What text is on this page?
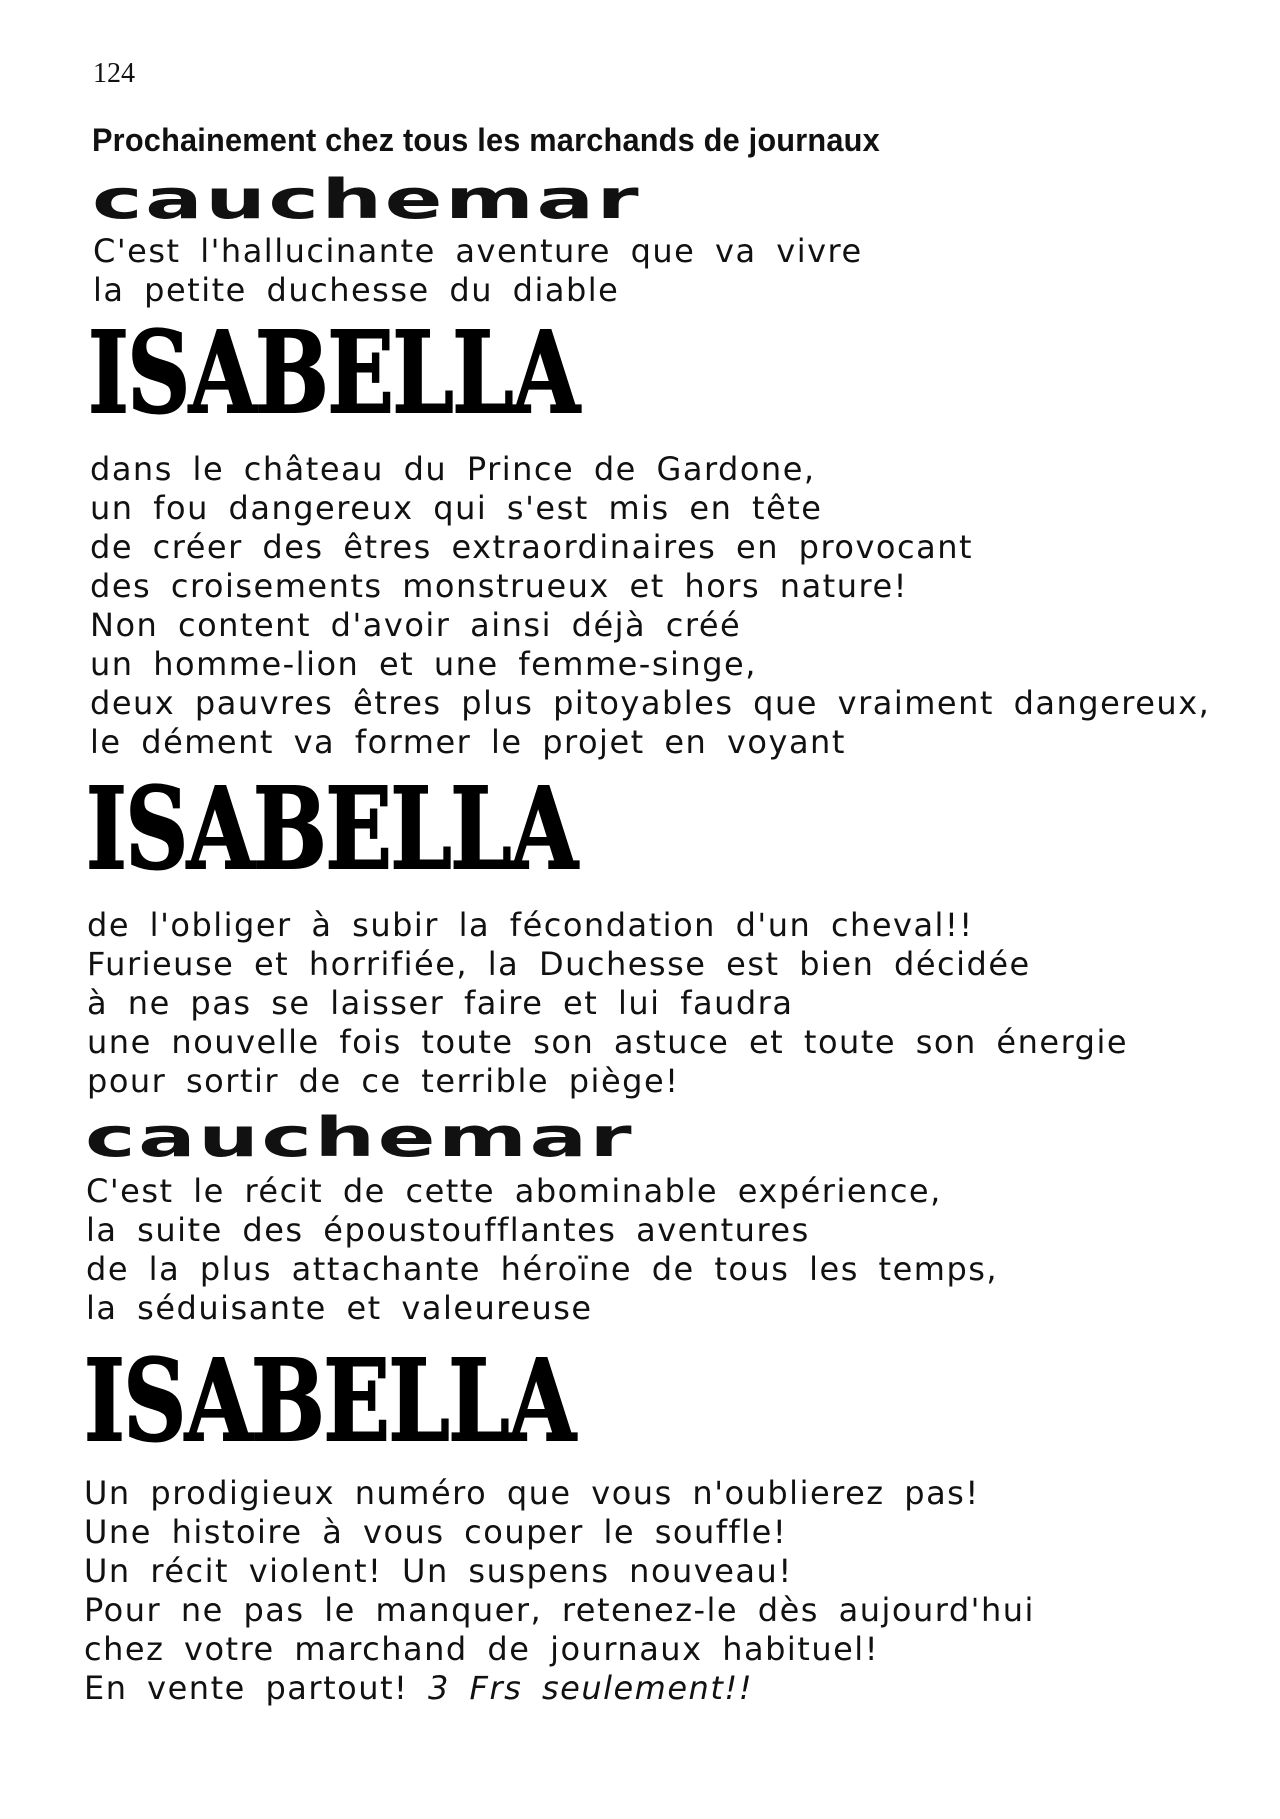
124
Prochainement chez tous les marchands de journaux
cauchemar
C'est l'hallucinante aventure que va vivre
la petite duchesse du diable
ISABELLA
dans le château du Prince de Gardone,
un fou dangereux qui s'est mis en tête
de créer des êtres extraordinaires en provocant
des croisements monstrueux et hors nature!
Non content d'avoir ainsi déjà créé
un homme-lion et une femme-singe,
deux pauvres êtres plus pitoyables que vraiment dangereux,
le dément va former le projet en voyant
ISABELLA
de l'obliger à subir la fécondation d'un cheval!!
Furieuse et horrifiée, la Duchesse est bien décidée
à ne pas se laisser faire et lui faudra
une nouvelle fois toute son astuce et toute son énergie
pour sortir de ce terrible piège!
cauchemar
C'est le récit de cette abominable expérience,
la suite des époustoufflantes aventures
de la plus attachante héroïne de tous les temps,
la séduisante et valeureuse
ISABELLA
Un prodigieux numéro que vous n'oublierez pas!
Une histoire à vous couper le souffle!
Un récit violent! Un suspens nouveau!
Pour ne pas le manquer, retenez-le dès aujourd'hui
chez votre marchand de journaux habituel!
En vente partout! 3 Frs seulement!!
